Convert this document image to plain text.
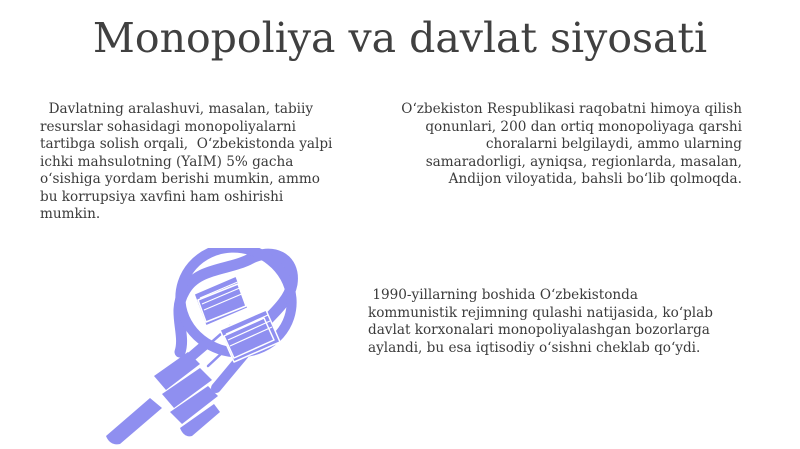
Monopoliya va davlat siyosati
Davlatning aralashuvi, masalan, tabiiy
resurslar sohasidagi monopoliyalarni
tartibga solish orqali,  O‘zbekistonda yalpi
ichki mahsulotning (YaIM) 5% gacha
o‘sishiga yordam berishi mumkin, ammo
bu korrupsiya xavfini ham oshirishi
mumkin.
O‘zbekiston Respublikasi raqobatni himoya qilish
qonunlari, 200 dan ortiq monopoliyaga qarshi
choralarni belgilaydi, ammo ularning
samaradorligi, ayniqsa, regionlarda, masalan,
Andijon viloyatida, bahsli bo‘lib qolmoqda.
1990-yillarning boshida O‘zbekistonda
kommunistik rejimning qulashi natijasida, ko‘plab
davlat korxonalari monopoliyalashgan bozorlarga
aylandi, bu esa iqtisodiy o‘sishni cheklab qo‘ydi.
